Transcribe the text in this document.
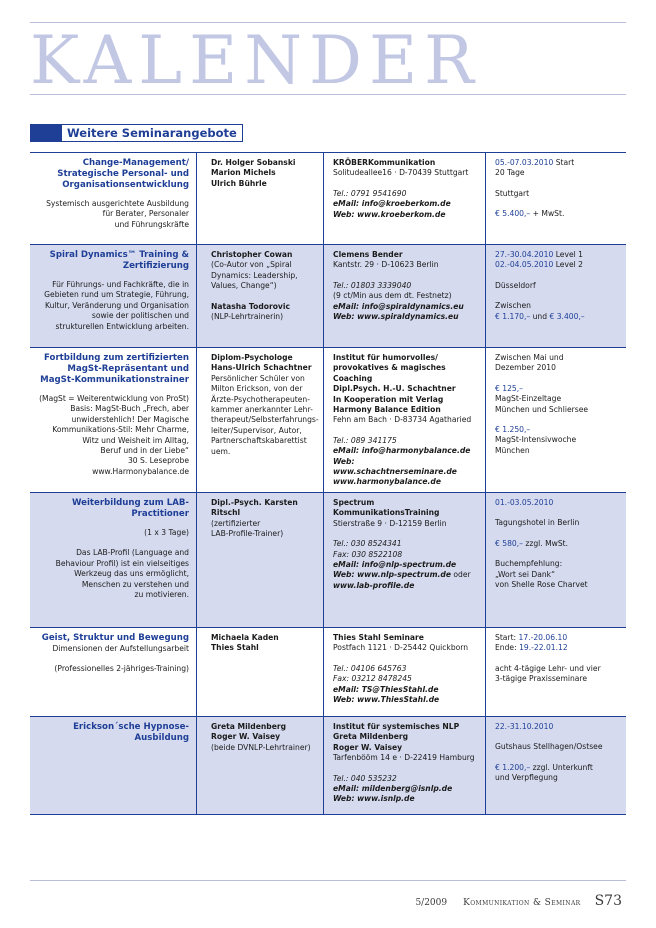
KALENDER
Weitere Seminarangebote
Change-Management/ Strategische Personal- und Organisationsentwicklung
Systemisch ausgerichtete Ausbildung
für Berater, Personaler
und Führungskräfte
Dr. Holger Sobanski
Marion Michels
Ulrich Bührle
KRÖBERKommunikation
Solitudeallee16 · D-70439 Stuttgart
Tel.: 0791 9541690
eMail: info@kroeberkom.de
Web: www.kroeberkom.de
05.-07.03.2010 Start
20 Tage
Stuttgart
€ 5.400,– + MwSt.
Spiral Dynamics™ Training & Zertifizierung
Für Führungs- und Fachkräfte, die in
Gebieten rund um Strategie, Führung,
Kultur, Veränderung und Organisation
sowie der politischen und
strukturellen Entwicklung arbeiten.
Christopher Cowan
(Co-Autor von „Spiral
Dynamics: Leadership,
Values, Change“)
Natasha Todorovic
(NLP-Lehrtrainerin)
Clemens Bender
Kantstr. 29 · D-10623 Berlin
Tel.: 01803 3339040
(9 ct/Min aus dem dt. Festnetz)
eMail: info@spiraldynamics.eu
Web: www.spiraldynamics.eu
27.-30.04.2010 Level 1
02.-04.05.2010 Level 2
Düsseldorf
Zwischen
€ 1.170,– und € 3.400,–
Fortbildung zum zertifizierten MagSt-Repräsentant und MagSt-Kommunikationstrainer
(MagSt = Weiterentwicklung von ProSt)
Basis: MagSt-Buch „Frech, aber
unwiderstehlich! Der Magische
Kommunikations-Stil: Mehr Charme,
Witz und Weisheit im Alltag,
Beruf und in der Liebe“
30 S. Leseprobe
www.Harmonybalance.de
Diplom-Psychologe
Hans-Ulrich Schachtner
Persönlicher Schüler von
Milton Erickson, von der
Ärzte-Psychotherapeuten-
kammer anerkannter Lehr-
therapeut/Selbsterfahrungs-
leiter/Supervisor, Autor,
Partnerschaftskabarettist
uem.
Institut für humorvolles/
provokatives & magisches Coaching
Dipl.Psych. H.-U. Schachtner
In Kooperation mit Verlag
Harmony Balance Edition
Fehn am Bach · D-83734 Agatharied
Tel.: 089 341175
eMail: info@harmonybalance.de
Web: www.schachtnerseminare.de
www.harmonybalance.de
Zwischen Mai und
Dezember 2010
€ 125,–
MagSt-Einzeltage
München und Schliersee
€ 1.250,–
MagSt-Intensivwoche
München
Weiterbildung zum LAB-Practitioner
(1 x 3 Tage)
Das LAB-Profil (Language and
Behaviour Profil) ist ein vielseitiges
Werkzeug das uns ermöglicht,
Menschen zu verstehen und
zu motivieren.
Dipl.-Psych. Karsten Ritschl
(zertifizierter
LAB-Profile-Trainer)
Spectrum KommunikationsTraining
Stierstraße 9 · D-12159 Berlin
Tel.: 030 8524341
Fax: 030 8522108
eMail: info@nlp-spectrum.de
Web: www.nlp-spectrum.de oder
www.lab-profile.de
01.-03.05.2010
Tagungshotel in Berlin
€ 580,– zzgl. MwSt.
Buchempfehlung:
„Wort sei Dank“
von Shelle Rose Charvet
Geist, Struktur und Bewegung
Dimensionen der Aufstellungsarbeit
(Professionelles 2-jähriges-Training)
Michaela Kaden
Thies Stahl
Thies Stahl Seminare
Postfach 1121 · D-25442 Quickborn
Tel.: 04106 645763
Fax: 03212 8478245
eMail: TS@ThiesStahl.de
Web: www.ThiesStahl.de
Start: 17.-20.06.10
Ende: 19.-22.01.12
acht 4-tägige Lehr- und vier
3-tägige Praxisseminare
Erickson´sche Hypnose-Ausbildung
Greta Mildenberg
Roger W. Vaisey
(beide DVNLP-Lehrtrainer)
Institut für systemisches NLP
Greta Mildenberg
Roger W. Vaisey
Tarfenbööm 14 e · D-22419 Hamburg
Tel.: 040 535232
eMail: mildenberg@isnlp.de
Web: www.isnlp.de
22.-31.10.2010
Gutshaus Stellhagen/Ostsee
€ 1.200,– zzgl. Unterkunft
und Verpflegung
5/2009 Kommunikation & Seminar S73
